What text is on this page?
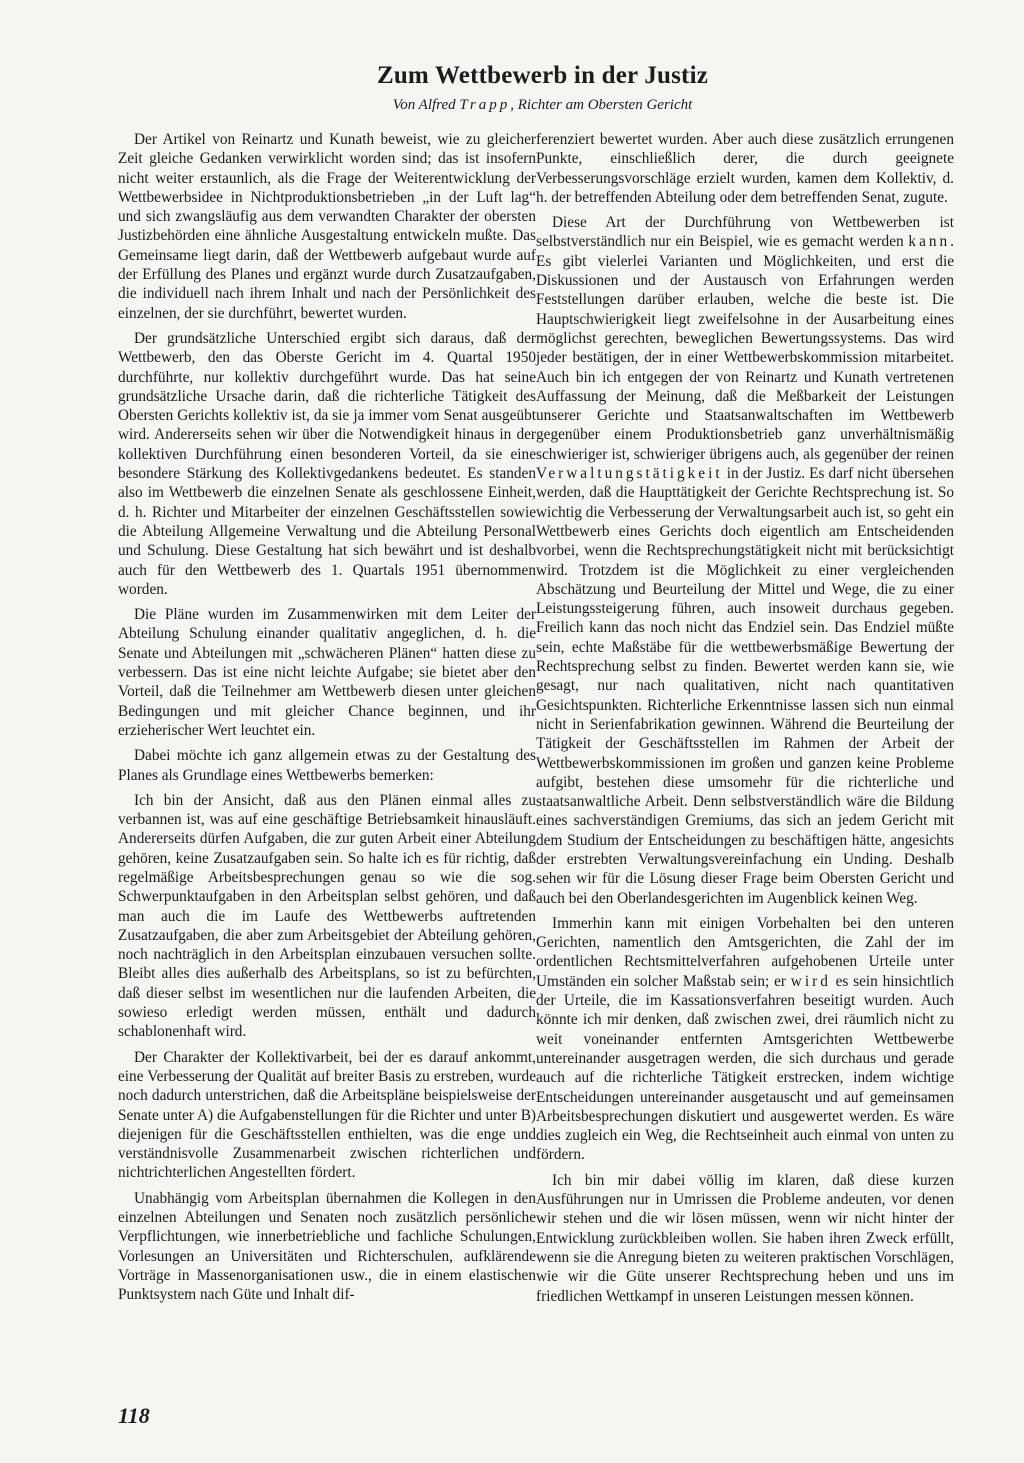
Zum Wettbewerb in der Justiz

Von Alfred Trapp, Richter am Obersten Gericht

Der Artikel von Reinartz und Kunath beweist, wie zu gleicher Zeit gleiche Gedanken verwirklicht worden sind; das ist insofern nicht weiter erstaunlich, als die Frage der Weiterentwicklung der Wettbewerbsidee in Nichtproduktionsbetrieben „in der Luft lag“ und sich zwangsläufig aus dem verwandten Charakter der obersten Justizbehörden eine ähnliche Ausgestaltung entwickeln mußte. Das Gemeinsame liegt darin, daß der Wettbewerb aufgebaut wurde auf der Erfüllung des Planes und ergänzt wurde durch Zusatzaufgaben, die individuell nach ihrem Inhalt und nach der Persönlichkeit des einzelnen, der sie durchführt, bewertet wurden.

Der grundsätzliche Unterschied ergibt sich daraus, daß der Wettbewerb, den das Oberste Gericht im 4. Quartal 1950 durchführte, nur kollektiv durchgeführt wurde. Das hat seine grundsätzliche Ursache darin, daß die richterliche Tätigkeit des Obersten Gerichts kollektiv ist, da sie ja immer vom Senat ausgeübt wird. Andererseits sehen wir über die Notwendigkeit hinaus in der kollektiven Durchführung einen besonderen Vorteil, da sie eine besondere Stärkung des Kollektivgedankens bedeutet. Es standen also im Wettbewerb die einzelnen Senate als geschlossene Einheit, d. h. Richter und Mitarbeiter der einzelnen Geschäftsstellen sowie die Abteilung Allgemeine Verwaltung und die Abteilung Personal und Schulung. Diese Gestaltung hat sich bewährt und ist deshalb auch für den Wettbewerb des 1. Quartals 1951 übernommen worden.

Die Pläne wurden im Zusammenwirken mit dem Leiter der Abteilung Schulung einander qualitativ angeglichen, d. h. die Senate und Abteilungen mit „schwächeren Plänen“ hatten diese zu verbessern. Das ist eine nicht leichte Aufgabe; sie bietet aber den Vorteil, daß die Teilnehmer am Wettbewerb diesen unter gleichen Bedingungen und mit gleicher Chance beginnen, und ihr erzieherischer Wert leuchtet ein.

Dabei möchte ich ganz allgemein etwas zu der Gestaltung des Planes als Grundlage eines Wettbewerbs bemerken:

Ich bin der Ansicht, daß aus den Plänen einmal alles zu verbannen ist, was auf eine geschäftige Betriebsamkeit hinausläuft. Andererseits dürfen Aufgaben, die zur guten Arbeit einer Abteilung gehören, keine Zusatzaufgaben sein. So halte ich es für richtig, daß regelmäßige Arbeitsbesprechungen genau so wie die sog. Schwerpunktaufgaben in den Arbeitsplan selbst gehören, und daß man auch die im Laufe des Wettbewerbs auftretenden Zusatzaufgaben, die aber zum Arbeitsgebiet der Abteilung gehören, noch nachträglich in den Arbeitsplan einzubauen versuchen sollte. Bleibt alles dies außerhalb des Arbeitsplans, so ist zu befürchten, daß dieser selbst im wesentlichen nur die laufenden Arbeiten, die sowieso erledigt werden müssen, enthält und dadurch schablonenhaft wird.

Der Charakter der Kollektivarbeit, bei der es darauf ankommt, eine Verbesserung der Qualität auf breiter Basis zu erstreben, wurde noch dadurch unterstrichen, daß die Arbeitspläne beispielsweise der Senate unter A) die Aufgabenstellungen für die Richter und unter B) diejenigen für die Geschäftsstellen enthielten, was die enge und verständnisvolle Zusammenarbeit zwischen richterlichen und nichtrichterlichen Angestellten fördert.

Unabhängig vom Arbeitsplan übernahmen die Kollegen in den einzelnen Abteilungen und Senaten noch zusätzlich persönliche Verpflichtungen, wie innerbetriebliche und fachliche Schulungen, Vorlesungen an Universitäten und Richterschulen, aufklärende Vorträge in Massenorganisationen usw., die in einem elastischen Punktsystem nach Güte und Inhalt dif-

ferenziert bewertet wurden. Aber auch diese zusätzlich errungenen Punkte, einschließlich derer, die durch geeignete Verbesserungsvorschläge erzielt wurden, kamen dem Kollektiv, d. h. der betreffenden Abteilung oder dem betreffenden Senat, zugute.

Diese Art der Durchführung von Wettbewerben ist selbstverständlich nur ein Beispiel, wie es gemacht werden kann. Es gibt vielerlei Varianten und Möglichkeiten, und erst die Diskussionen und der Austausch von Erfahrungen werden Feststellungen darüber erlauben, welche die beste ist. Die Hauptschwierigkeit liegt zweifelsohne in der Ausarbeitung eines möglichst gerechten, beweglichen Bewertungssystems. Das wird jeder bestätigen, der in einer Wettbewerbskommission mitarbeitet. Auch bin ich entgegen der von Reinartz und Kunath vertretenen Auffassung der Meinung, daß die Meßbarkeit der Leistungen unserer Gerichte und Staatsanwaltschaften im Wettbewerb gegenüber einem Produktionsbetrieb ganz unverhältnismäßig schwieriger ist, schwieriger übrigens auch, als gegenüber der reinen Verwaltungstätigkeit in der Justiz. Es darf nicht übersehen werden, daß die Haupttätigkeit der Gerichte Rechtsprechung ist. So wichtig die Verbesserung der Verwaltungsarbeit auch ist, so geht ein Wettbewerb eines Gerichts doch eigentlich am Entscheidenden vorbei, wenn die Rechtsprechungstätigkeit nicht mit berücksichtigt wird. Trotzdem ist die Möglichkeit zu einer vergleichenden Abschätzung und Beurteilung der Mittel und Wege, die zu einer Leistungssteigerung führen, auch insoweit durchaus gegeben. Freilich kann das noch nicht das Endziel sein. Das Endziel müßte sein, echte Maßstäbe für die wettbewerbsmäßige Bewertung der Rechtsprechung selbst zu finden. Bewertet werden kann sie, wie gesagt, nur nach qualitativen, nicht nach quantitativen Gesichtspunkten. Richterliche Erkenntnisse lassen sich nun einmal nicht in Serienfabrikation gewinnen. Während die Beurteilung der Tätigkeit der Geschäftsstellen im Rahmen der Arbeit der Wettbewerbskommissionen im großen und ganzen keine Probleme aufgibt, bestehen diese umsomehr für die richterliche und staatsanwaltliche Arbeit. Denn selbstverständlich wäre die Bildung eines sachverständigen Gremiums, das sich an jedem Gericht mit dem Studium der Entscheidungen zu beschäftigen hätte, angesichts der erstrebten Verwaltungsvereinfachung ein Unding. Deshalb sehen wir für die Lösung dieser Frage beim Obersten Gericht und auch bei den Oberlandesgerichten im Augenblick keinen Weg.

Immerhin kann mit einigen Vorbehalten bei den unteren Gerichten, namentlich den Amtsgerichten, die Zahl der im ordentlichen Rechtsmittelverfahren aufgehobenen Urteile unter Umständen ein solcher Maßstab sein; er wird es sein hinsichtlich der Urteile, die im Kassationsverfahren beseitigt wurden. Auch könnte ich mir denken, daß zwischen zwei, drei räumlich nicht zu weit voneinander entfernten Amtsgerichten Wettbewerbe untereinander ausgetragen werden, die sich durchaus und gerade auch auf die richterliche Tätigkeit erstrecken, indem wichtige Entscheidungen untereinander ausgetauscht und auf gemeinsamen Arbeitsbesprechungen diskutiert und ausgewertet werden. Es wäre dies zugleich ein Weg, die Rechtseinheit auch einmal von unten zu fördern.

Ich bin mir dabei völlig im klaren, daß diese kurzen Ausführungen nur in Umrissen die Probleme andeuten, vor denen wir stehen und die wir lösen müssen, wenn wir nicht hinter der Entwicklung zurückbleiben wollen. Sie haben ihren Zweck erfüllt, wenn sie die Anregung bieten zu weiteren praktischen Vorschlägen, wie wir die Güte unserer Rechtsprechung heben und uns im friedlichen Wettkampf in unseren Leistungen messen können.

118
